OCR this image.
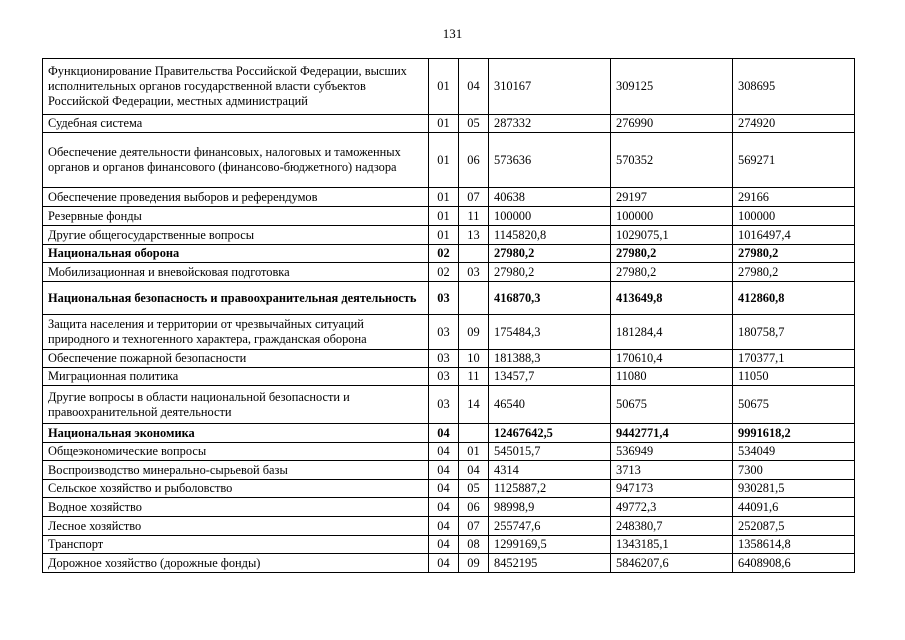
131
Функционирование Правительства Российской Федерации, высших исполнительных органов государственной власти субъектов Российской Федерации, местных администраций	01	04	310167	309125	308695
Судебная система	01	05	287332	276990	274920
Обеспечение деятельности финансовых, налоговых и таможенных органов и органов финансового (финансово-бюджетного) надзора	01	06	573636	570352	569271
Обеспечение проведения выборов и референдумов	01	07	40638	29197	29166
Резервные фонды	01	11	100000	100000	100000
Другие общегосударственные вопросы	01	13	1145820,8	1029075,1	1016497,4
Национальная оборона	02		27980,2	27980,2	27980,2
Мобилизационная и вневойсковая подготовка	02	03	27980,2	27980,2	27980,2
Национальная безопасность и правоохранительная деятельность	03		416870,3	413649,8	412860,8
Защита населения и территории от чрезвычайных ситуаций природного и техногенного характера, гражданская оборона	03	09	175484,3	181284,4	180758,7
Обеспечение пожарной безопасности	03	10	181388,3	170610,4	170377,1
Миграционная политика	03	11	13457,7	11080	11050
Другие вопросы в области национальной безопасности и правоохранительной деятельности	03	14	46540	50675	50675
Национальная экономика	04		12467642,5	9442771,4	9991618,2
Общеэкономические вопросы	04	01	545015,7	536949	534049
Воспроизводство минерально-сырьевой базы	04	04	4314	3713	7300
Сельское хозяйство и рыболовство	04	05	1125887,2	947173	930281,5
Водное хозяйство	04	06	98998,9	49772,3	44091,6
Лесное хозяйство	04	07	255747,6	248380,7	252087,5
Транспорт	04	08	1299169,5	1343185,1	1358614,8
Дорожное хозяйство (дорожные фонды)	04	09	8452195	5846207,6	6408908,6
